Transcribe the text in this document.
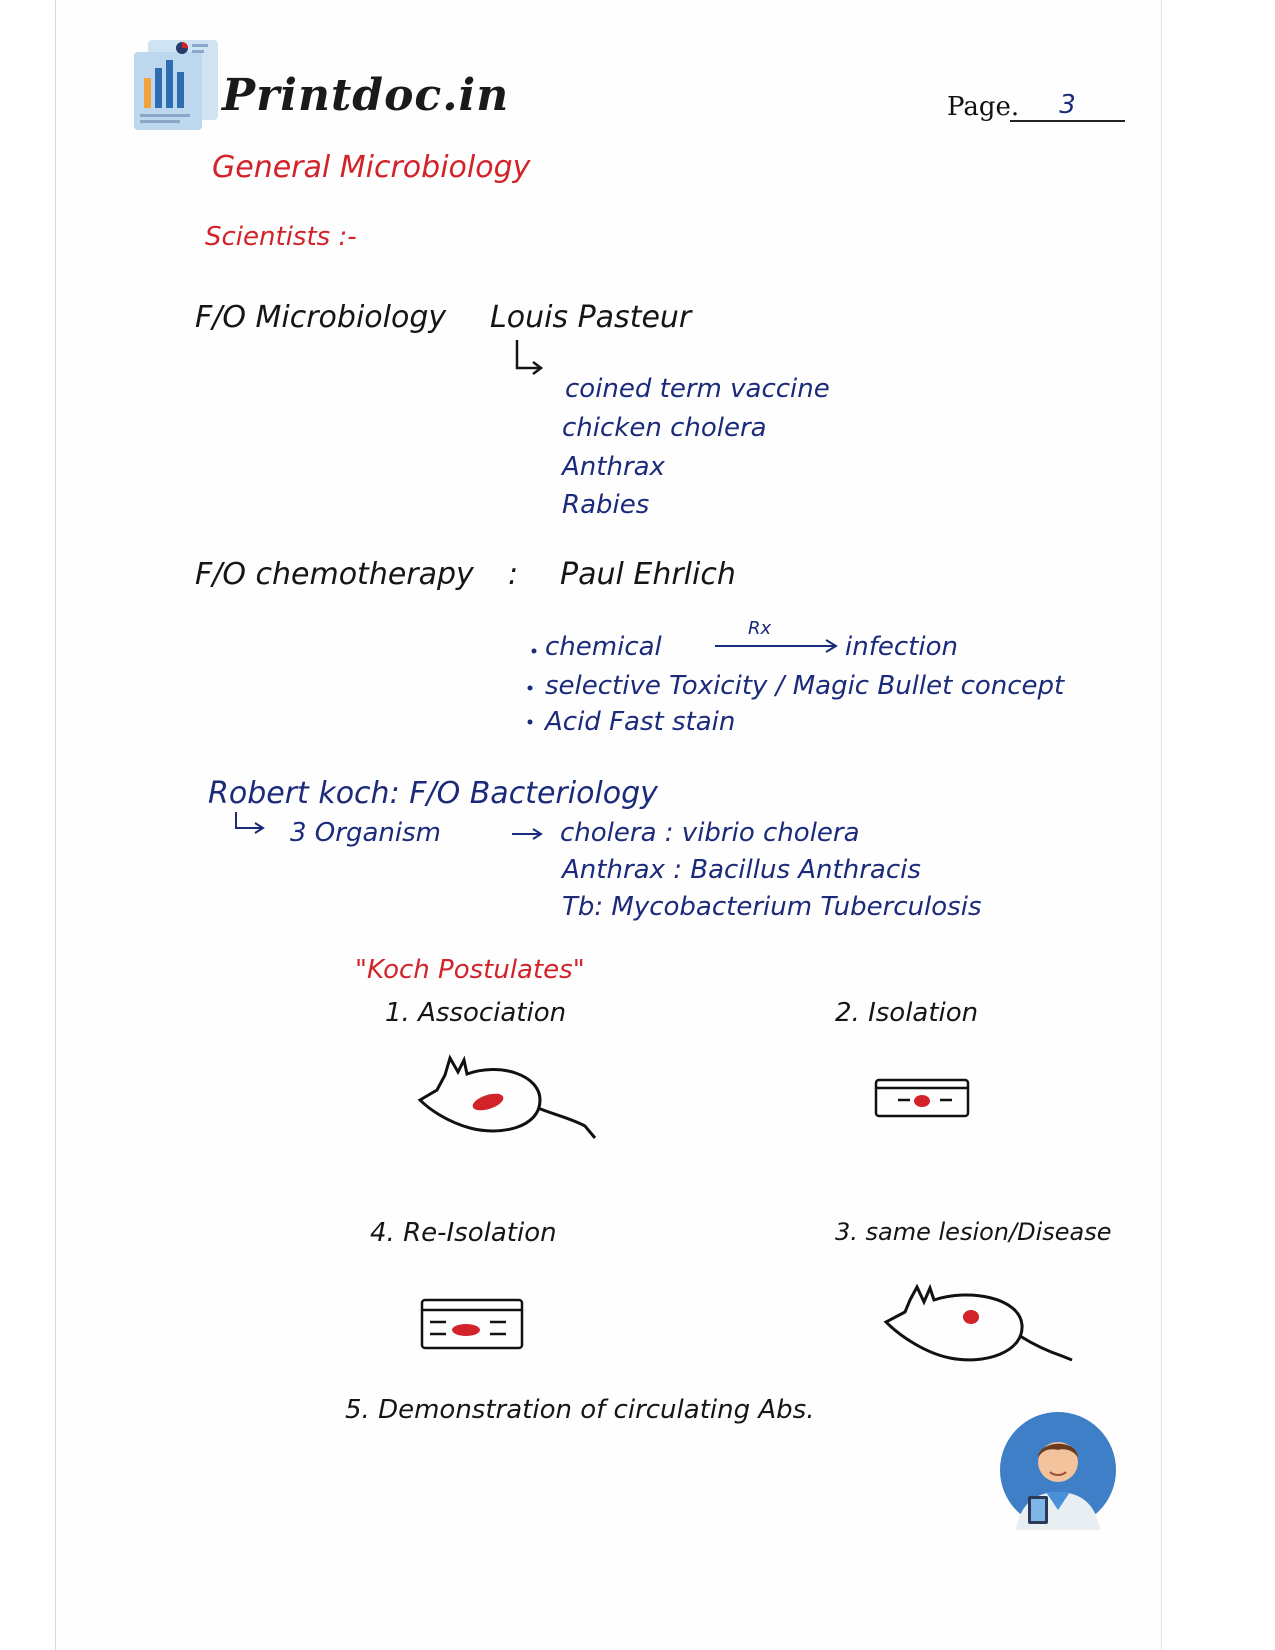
Printdoc.in	Page.	3
General Microbiology
Scientists :-
F/O Microbiology Louis Pasteur
coined term vaccine
chicken cholera
Anthrax
Rabies
F/O chemotherapy : Paul Ehrlich
chemical
Rx
infection
selective Toxicity / Magic Bullet concept
Acid Fast stain
Robert koch: F/O Bacteriology
3 Organism	cholera : vibrio cholera
Anthrax : Bacillus Anthracis
Tb: Mycobacterium Tuberculosis
"Koch Postulates"
1. Association	2. Isolation
4. Re-Isolation	3. same lesion/Disease
5. Demonstration of circulating Abs.
